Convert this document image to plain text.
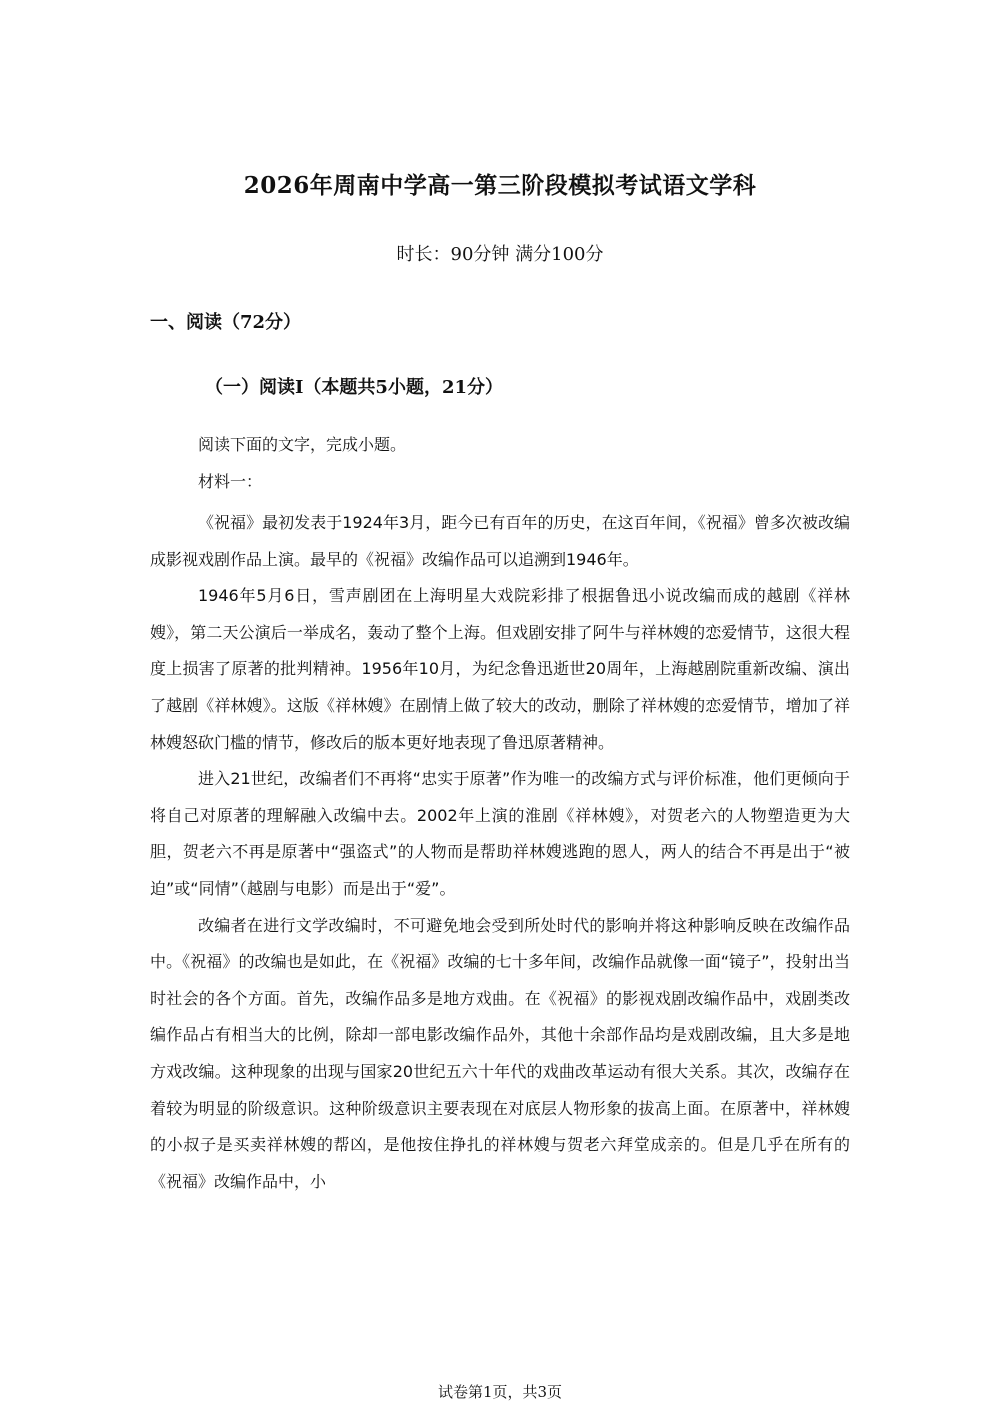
2026年周南中学高一第三阶段模拟考试语文学科
时长：90分钟 满分100分
一、阅读（72分）
（一）阅读I（本题共5小题，21分）
阅读下面的文字，完成小题。
材料一：

《祝福》最初发表于1924年3月，距今已有百年的历史，在这百年间，《祝福》曾多次被改编成影视戏剧作品上演。最早的《祝福》改编作品可以追溯到1946年。

1946年5月6日，雪声剧团在上海明星大戏院彩排了根据鲁迅小说改编而成的越剧《祥林嫂》，第二天公演后一举成名，轰动了整个上海。但戏剧安排了阿牛与祥林嫂的恋爱情节，这很大程度上损害了原著的批判精神。1956年10月，为纪念鲁迅逝世20周年，上海越剧院重新改编、演出了越剧《祥林嫂》。这版《祥林嫂》在剧情上做了较大的改动，删除了祥林嫂的恋爱情节，增加了祥林嫂怒砍门槛的情节，修改后的版本更好地表现了鲁迅原著精神。

进入21世纪，改编者们不再将“忠实于原著”作为唯一的改编方式与评价标准，他们更倾向于将自己对原著的理解融入改编中去。2002年上演的淮剧《祥林嫂》，对贺老六的人物塑造更为大胆，贺老六不再是原著中“强盗式”的人物而是帮助祥林嫂逃跑的恩人，两人的结合不再是出于“被迫”或“同情”（越剧与电影）而是出于“爱”。

改编者在进行文学改编时，不可避免地会受到所处时代的影响并将这种影响反映在改编作品中。《祝福》的改编也是如此，在《祝福》改编的七十多年间，改编作品就像一面“镜子”，投射出当时社会的各个方面。首先，改编作品多是地方戏曲。在《祝福》的影视戏剧改编作品中，戏剧类改编作品占有相当大的比例，除却一部电影改编作品外，其他十余部作品均是戏剧改编，且大多是地方戏改编。这种现象的出现与国家20世纪五六十年代的戏曲改革运动有很大关系。其次，改编存在着较为明显的阶级意识。这种阶级意识主要表现在对底层人物形象的拔高上面。在原著中，祥林嫂的小叔子是买卖祥林嫂的帮凶，是他按住挣扎的祥林嫂与贺老六拜堂成亲的。但是几乎在所有的《祝福》改编作品中，小

试卷第1页，共3页
